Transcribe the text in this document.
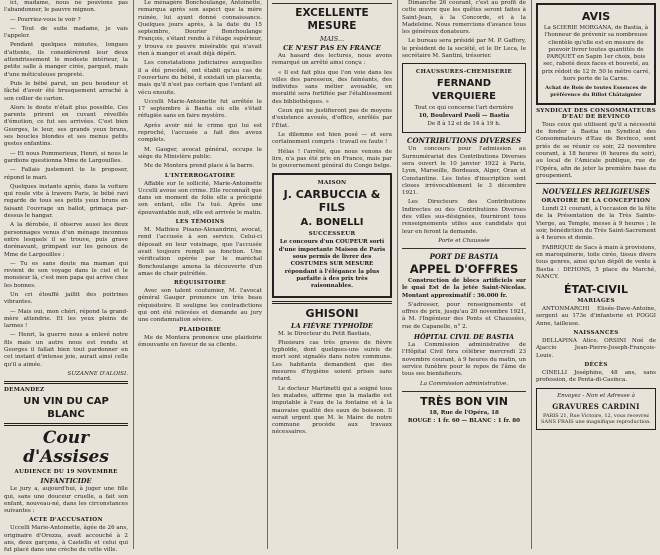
ici, madame, nous ne pouvions pas l'abandonner, le pauvre mignon.

— Pourriez-vous le voir ?

— Tout de suite madame, je vais l'appeler.

Pendant quelques minutes, longues d'attente, ils considérèrent leur deux attendrissement le modeste intérieur, la petite salle à manger cirée, parquet, mais d'une méticuleuse propreté.

Puis le bébé parut, un peu boudeur et fâché d'avoir été brusquement arraché à son collier de carton.

Alors le doute n'était plus possible. Ces parents prirent en cuvant réveillés d'émotion, ce fut ses arrivées. C'est bien Georges, le leur, ses grands yeux bruns, ses boucles blondes et ses menus petits gestes enfantins.

— Et nous Pommerieux, Henri, si nous le gardions questionna Mme de Largouilles.

— Fallais justement te le proposer, répond le mari.

Quelques instants après, dans la voiture qui roule vite à travers Paris, le bébé ravi regarde de tous ses petits yeux bruns en faisant l'ouvrage un ballot, grimaça par-dessus le hangar.

A la dérobée, il observe aussi les deux personnages venus d'un ménage inconnus entre lesquels il se trouve, puis grave dorénavant, grimpant sur les genoux de Mme de Largouilles :

— Tu es sans doute ma maman qui revient de son voyage dans le ciel et le monsieur là, c'est mon papa qui arrive chez les bonnes.

Un cri étouffé jaillit des poitrines vibrantes.

— Mais oui, mon chéri, répond la grand-mère attendrie. Et les yeux pleins de larmes !

— Henri, la guerre nous a enlevé notre fils mais un autre nous est rendu et Georges il fallait bien tout pardonner en cet instant d'intense joie, aurait ainsi celle qu'il a aimée.

SUZANNE D'ALOISI.

DEMANDEZ
UN VIN DU CAP
BLANC
Cour d'Assises
AUDIENCE DU 19 NOVEMBRE
INFANTICIDE

Le jury a, aujourd'hui, à juger une fille qui, sans une douceur cruelle, a fait son enfant, nouveau-né, dans les circonstances suivantes :

ACTE D'ACCUSATION

Uccelli Marie-Antoinette, âgée de 26 ans, originaire d'Orezza, avait accouché à 2 ans, deux garçons, à Castellu et celui qui fut placé dans une crèche de cette ville.

Le ménagère Bonchoulange, Antoinette, remarqua après son aspect que la mère ruinée, lui ayant donné connaissance. Quelques jours après, à la date du 15 septembre, Dourier Bonchoulange François, s'étant rendu à l'étage supérieur, y trouva ce pauvre misérable qui n'avait rien à manger et avait déjà dépéri.

Les constatations judiciaires auxquelles il a été procédé, ont établi qu'au cas de l'ouverture du bébé, il existait un placenta, mais qu'il n'est pas certain que l'enfant ait vécu ensuite.

Uccelli Marie-Antoinette fut arrêtée le 17 septembre à Bastia où elle s'était réfugiée sans en faire mystère.

Après avoir nié le crime qui lui est reproché, l'accusée a fait des aveux complets.

M. Gauger, avocat général, occupe le siège du Ministère public.

Me de Montera prend place à la barre.

L'INTERROGATOIRE

Affable sur le sollicité, Marie-Antoinette Uccelli avoue son crime. Elle reconnaît que dans un moment de folie elle a précipité son enfant, elle l'a tué. Après une épouvantable nuit, elle est arrivée le matin.

LES TÉMOINS

M. Mathieu Pisano-Alexandrini, avocat, rend l'accusée à son service. Celui-ci déposait en leur voisinage, que l'accusée avait toujours rempli sa fonction. Une vérification opérée par le maréchal Bonchoulange amena la découverte d'un amas de chair putréfiée.

RÉQUISITOIRE

Avec son talent coutumier, M. l'avocat général Gauger prononce un très beau réquisitoire. Il souligne les contradictions qui ont été relevées et demande au jury une condamnation sévère.

PLAIDOIRIE

Me de Montera prononce une plaidoirie émouvante en faveur de sa cliente.

EXCELLENTE MESURE
MAIS...
CE N'EST PAS EN FRANCE

Au hasard des lectures, nous avons remarqué un arrêté ainsi conçu :

« Il est fait plus que l'on voie dans les villes des paresseux, des fainéants, des individus sans métier avouable, en moralité sera fortifiée par l'établissement des bibliothèques. »

Ceux qui ne justifieront pas de moyens d'existence avoués, d'office, enrôlés par l'État.

Le dilemme est bien posé — et sera certainement compris : travail ou faute !

Hélas ! l'arrêté, que nous venons de lire, n'a pas été pris en France, mais par le gouvernement général du Congo belge.

MAISON
J. CARBUCCIA & FILS
A. BONELLI
SUCCESSEUR

Le concours d'un COUPEUR sorti d'une importante Maison de Paris sous permis de livrer des COSTUMES SUR MESURE répondant à l'élégance la plus parfaite à des prix très raisonnables.

GHISONI
LA FIÈVRE TYPHOÏDE

M. le Directeur du Petit Bastiais,

Plusieurs cas très graves de fièvre typhoïde, dont quelques-uns suivis de mort sont signalés dans notre commune. Les habitants demandent que des mesures d'hygiène soient prises sans retard.

Le docteur Martinetti qui a soigné tous les malades, affirme que la maladie est imputable à l'eau de la fontaine et à la mauvaise qualité des eaux de boisson. Il serait urgent que M. le Maire de notre commune procède aux travaux nécessaires.

Dimanche 26 courant, c'est au profit de cette œuvre que les quêtes seront faites à Saint-Jean, à la Concorde, et à la Madeleine. Nous remercions d'avance tous les généreux donateurs.

Le bureau sera présidé par M. P. Gaffory, le président de la société, et le Dr Leca, le secrétaire M. Santini, trésorier.

CHAUSSURES-CHEMISERIE
FERNAND VERQUIERE
Tout ce qui concerne l'art dernière
10, Boulevard Paoli — Bastia
De 8 à 12 et de 14 à 19 h.
CONTRIBUTIONS DIVERSES

Un concours pour l'admission au Surnumérariat des Contributions Diverses sera ouvert le 10 janvier 1922 à Paris, Lyon, Marseille, Bordeaux, Alger, Oran et Constantine. Les listes d'inscription sont closes irrévocablement le 3 décembre 1921.

Les Directeurs des Contributions Indirectes ou des Contributions Diverses des villes sus-désignées, fourniront tous renseignements utiles aux candidats qui leur en feront la demande.

Porte et Chaussée
PORT DE BASTIA
APPEL D'OFFRES

Construction de blocs artificiels sur le quai Est de la jetée Saint-Nicolas. Montant approximatif : 36.000 fr.

S'adresser, pour renseignements et offres de prix, jusqu'au 20 novembre 1921, à M. l'Ingénieur des Ponts et Chaussées, rue de Capanelle, n° 2.

HÔPITAL CIVIL DE BASTIA

La Commission administrative de l'Hôpital Civil fera célébrer mercredi 23 novembre courant, à 9 heures du matin, un service funèbre pour le repos de l'âme de tous ses bienfaiteurs.

La Commission administrative.
TRÈS BON VIN
18, Rue de l'Opéra, 18
ROUGE : 1 fr. 60 — BLANC : 1 fr. 80
AVIS

La SCIERIE MORGANA, de Bastia, à l'honneur de prévenir sa nombreuse clientèle qu'elle est en mesure de pouvoir livrer toutes quantités de PARQUET en Sapin 1er choix, bois sec, raboté deux faces et bouveté, au prix rédoit de 12 fr. 50 le mètre carré, hors porte de la Carne.

Achat de Bois de toutes Essences de préférence du Billot Châtaignier

SYNDICAT DES CONSOMMATEURS D'EAU DE BEVINCO

Tous ceux qui utilisent qu'il a nécessité de fonder à Bastia un Syndicat des Consommateurs d'Eau de Bevinco, sont priés de se réunir ce soir, 22 novembre courant, à 18 heures (6 heures du soir), au local de l'Amicale publique, rue de l'Opéra, afin de jeter la première base du groupement.

NOUVELLES RELIGIEUSES
ORATOIRE DE LA CONCEPTION

Lundi 21 courant, à l'occasion de la fête de la Présentation de la Très Sainte-Vierge, au Temple, messe à 9 heures ; le soir, bénédiction du Très Saint-Sacrement à 4 heures et demie.

FABRIQUE de Sacs à main à provisions, en maroquinerie, toile cirée, tissus divers tous genres, ainsi qu'un dépôt de vente à Bastia : DEHONS, 5 place du Marché, NANCY.

ÉTAT-CIVIL
MARIAGES

ANTONMARCHI Elisée-Dave-Antoine, sergent au 173e d'infanterie et POGGI Anne, tailleuse.

NAISSANCES

DELLAPINA Alice. ORSINI Noé de Ajaccio Jean-Pierre-Joseph-François-Louis.

DÉCÈS

CINELLI Joséphine, 48 ans, sans profession, de Penta-di-Casinca.

Envoyez - Non et Adresse à
GRAVURES CARDINI
PARIS 21, Rue Victoire, 12, vous recevrez SANS FRAIS une magnifique reproduction.
